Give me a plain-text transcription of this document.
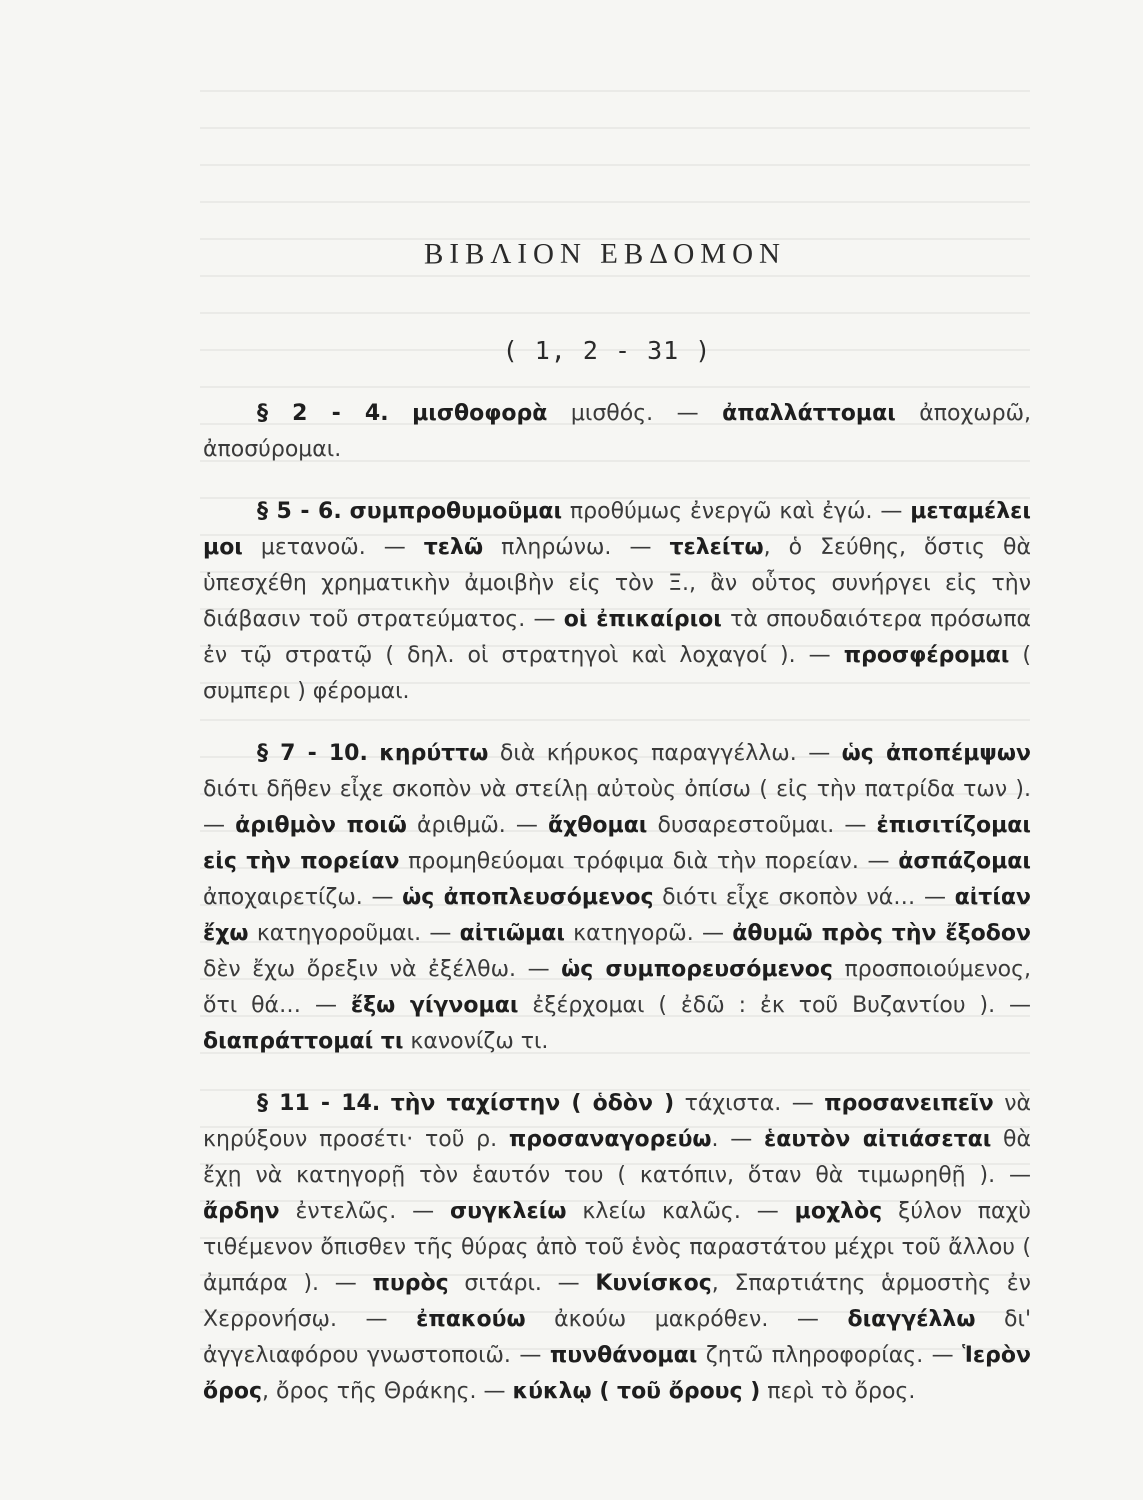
ΒΙΒΛΙΟΝ ΕΒΔΟΜΟΝ
( 1, 2 - 31 )

§ 2 - 4. μισθοφορὰ μισθός. — ἀπαλλάττομαι ἀποχωρῶ, ἀποσύρομαι.

§ 5 - 6. συμπροθυμοῦμαι προθύμως ἐνεργῶ καὶ ἐγώ. — μεταμέλει μοι μετανοῶ. — τελῶ πληρώνω. — τελείτω, ὁ Σεύθης, ὅστις θὰ ὑπεσχέθη χρηματικὴν ἀμοιβὴν εἰς τὸν Ξ., ἂν οὗτος συνήργει εἰς τὴν διάβασιν τοῦ στρατεύματος. — οἱ ἐπικαίριοι τὰ σπουδαιότερα πρόσωπα ἐν τῷ στρατῷ ( δηλ. οἱ στρατηγοὶ καὶ λοχαγοί ). — προσφέρομαι ( συμπερι ) φέρομαι.

§ 7 - 10. κηρύττω διὰ κήρυκος παραγγέλλω. — ὡς ἀποπέμψων διότι δῆθεν εἶχε σκοπὸν νὰ στείλῃ αὐτοὺς ὀπίσω ( εἰς τὴν πατρίδα των ). — ἀριθμὸν ποιῶ ἀριθμῶ. — ἄχθομαι δυσαρεστοῦμαι. — ἐπισιτίζομαι εἰς τὴν πορείαν προμηθεύομαι τρόφιμα διὰ τὴν πορείαν. — ἀσπάζομαι ἀποχαιρετίζω. — ὡς ἀποπλευσόμενος διότι εἶχε σκοπὸν νά… — αἰτίαν ἔχω κατηγοροῦμαι. — αἰτιῶμαι κατηγορῶ. — ἀθυμῶ πρὸς τὴν ἔξοδον δὲν ἔχω ὄρεξιν νὰ ἐξέλθω. — ὡς συμπορευσόμενος προσποιούμενος, ὅτι θά… — ἔξω γίγνομαι ἐξέρχομαι ( ἐδῶ : ἐκ τοῦ Βυζαντίου ). — διαπράττομαί τι κανονίζω τι.

§ 11 - 14. τὴν ταχίστην ( ὁδὸν ) τάχιστα. — προσανειπεῖν νὰ κηρύξουν προσέτι· τοῦ ρ. προσαναγορεύω. — ἑαυτὸν αἰτιάσεται θὰ ἔχῃ νὰ κατηγορῇ τὸν ἑαυτόν του ( κατόπιν, ὅταν θὰ τιμωρηθῇ ). — ἄρδην ἐντελῶς. — συγκλείω κλείω καλῶς. — μοχλὸς ξύλον παχὺ τιθέμενον ὄπισθεν τῆς θύρας ἀπὸ τοῦ ἑνὸς παραστάτου μέχρι τοῦ ἄλλου ( ἀμπάρα ). — πυρὸς σιτάρι. — Κυνίσκος, Σπαρτιάτης ἁρμοστὴς ἐν Χερρονήσῳ. — ἐπακούω ἀκούω μακρόθεν. — διαγγέλλω δι' ἀγγελιαφόρου γνωστοποιῶ. — πυνθάνομαι ζητῶ πληροφορίας. — Ἱερὸν ὄρος, ὄρος τῆς Θράκης. — κύκλῳ ( τοῦ ὄρους ) περὶ τὸ ὄρος.
